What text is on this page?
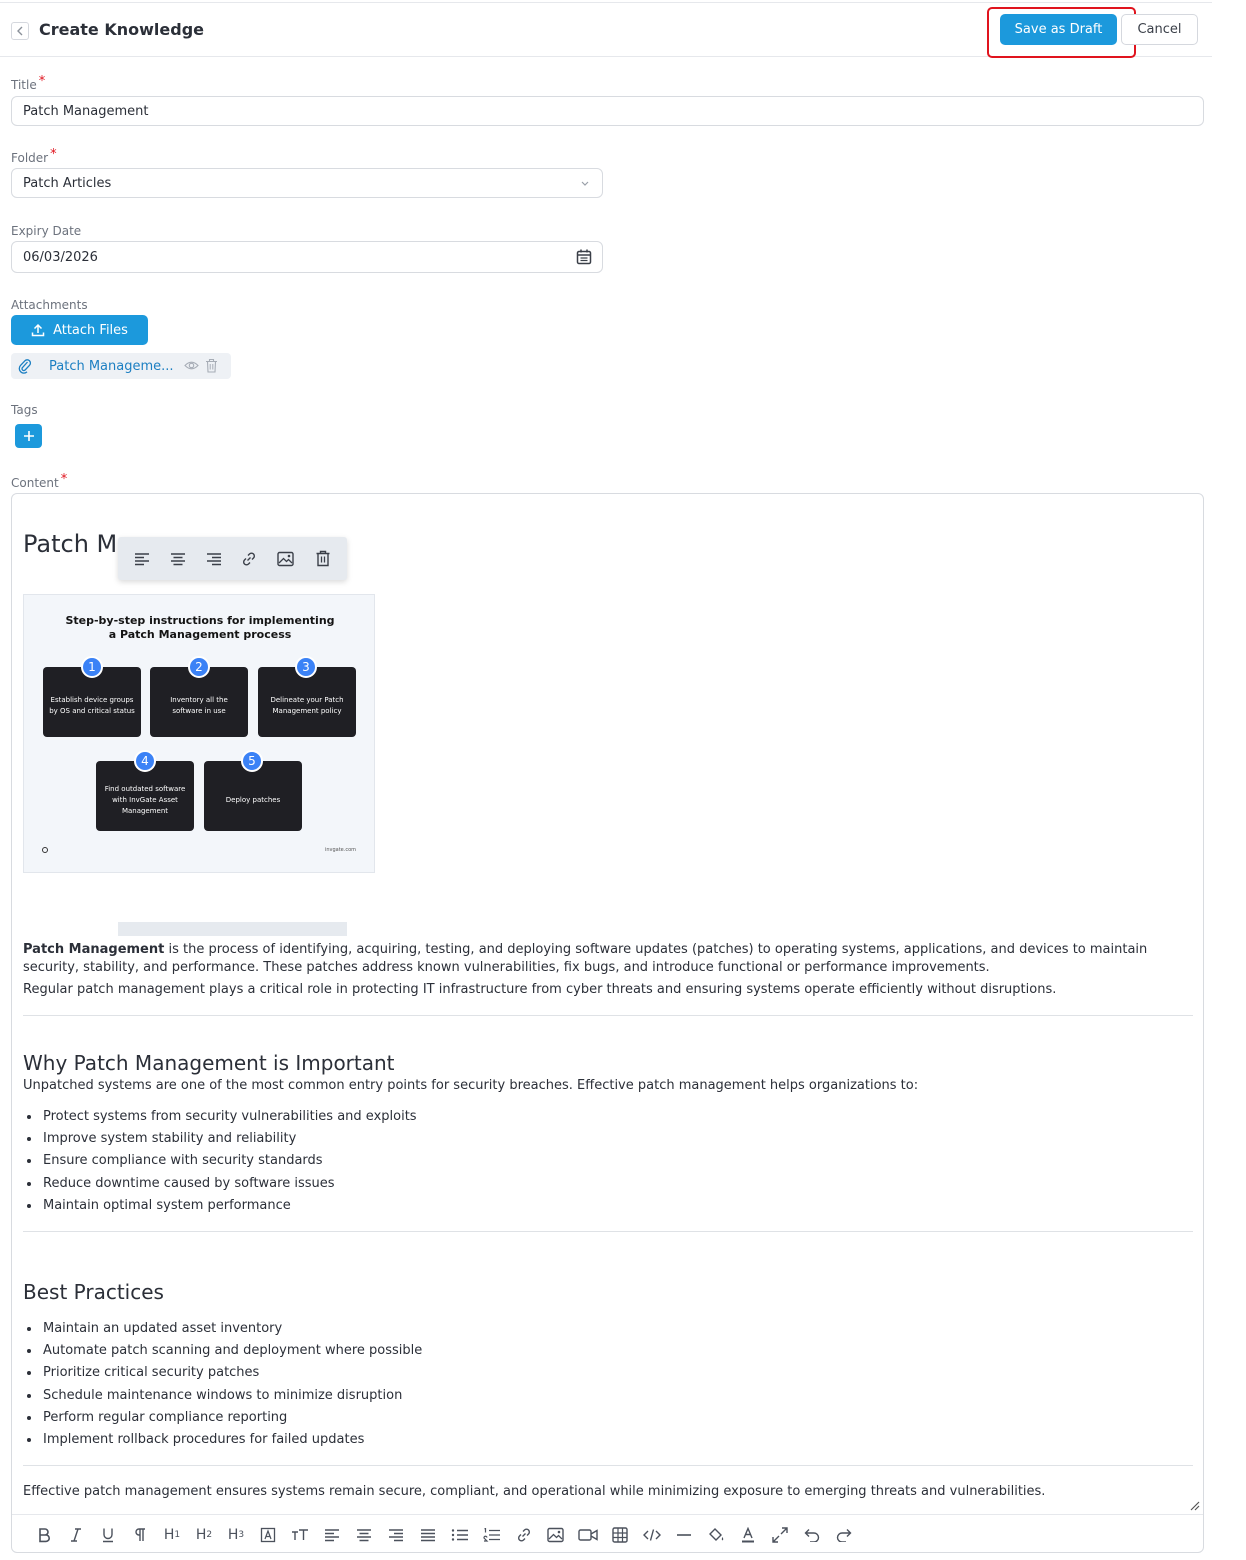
Create Knowledge	Save as Draft	Cancel
Title *
Patch Management
Folder *
Patch Articles
Expiry Date
06/03/2026
Attachments
Attach Files
Patch Manageme...
Tags
Content *
Patch M
Step-by-step instructions for implementing
a Patch Management process
Establish device groups by OS and critical status
1
Inventory all the software in use
2
Delineate your Patch Management policy
3
Find outdated software with InvGate Asset Management
4
Deploy patches
5
invgate.com
Patch Management is the process of identifying, acquiring, testing, and deploying software updates (patches) to operating systems, applications, and devices to maintain security, stability, and performance. These patches address known vulnerabilities, fix bugs, and introduce functional or performance improvements.
Regular patch management plays a critical role in protecting IT infrastructure from cyber threats and ensuring systems operate efficiently without disruptions.
Why Patch Management is Important
Unpatched systems are one of the most common entry points for security breaches. Effective patch management helps organizations to:
Protect systems from security vulnerabilities and exploits
Improve system stability and reliability
Ensure compliance with security standards
Reduce downtime caused by software issues
Maintain optimal system performance
Best Practices
Maintain an updated asset inventory
Automate patch scanning and deployment where possible
Prioritize critical security patches
Schedule maintenance windows to minimize disruption
Perform regular compliance reporting
Implement rollback procedures for failed updates
Effective patch management ensures systems remain secure, compliant, and operational while minimizing exposure to emerging threats and vulnerabilities.
H 1 H 2 H 3
